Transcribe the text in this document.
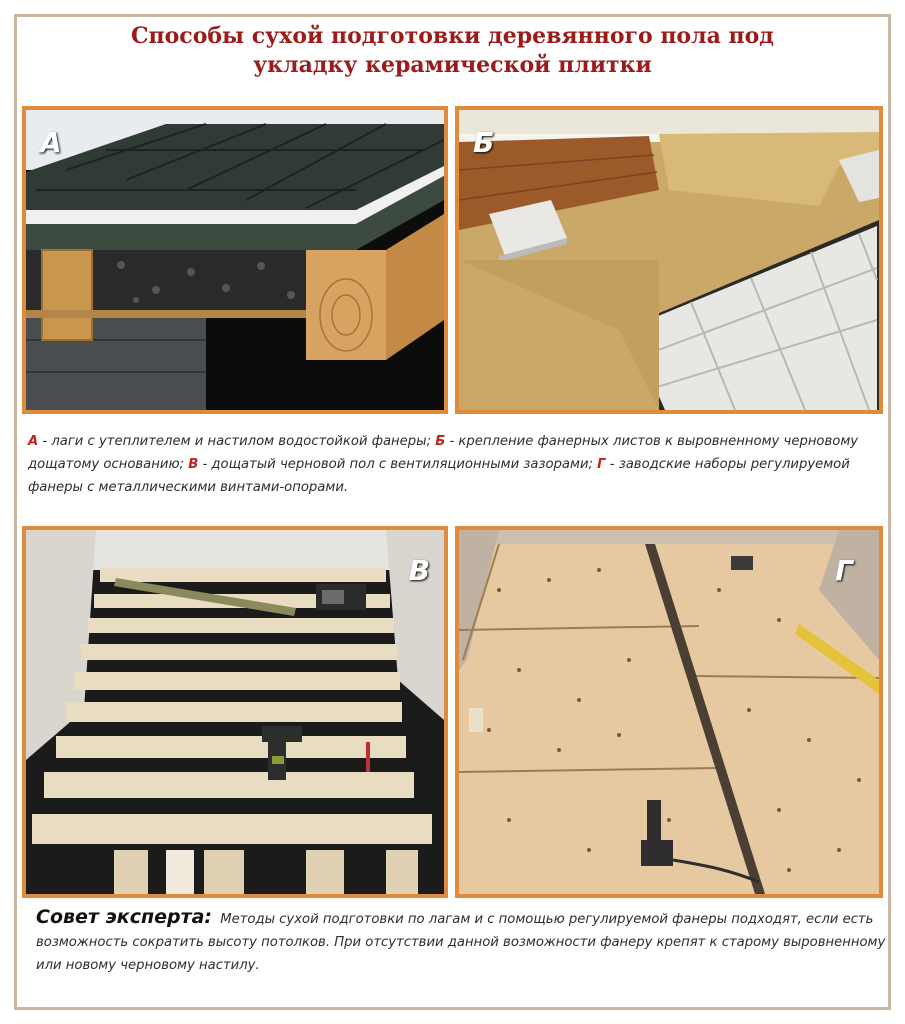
Способы сухой подготовки деревянного пола под
укладку керамической плитки
А	Б
А - лаги с утеплителем и настилом водостойкой фанеры; Б - крепление фанерных листов к выровненному черновому дощатому основанию; В - дощатый черновой пол с вентиляционными зазорами; Г - заводские наборы регулируемой фанеры с металлическими винтами-опорами.
В	Г
Совет эксперта: Методы сухой подготовки по лагам и с помощью регулируемой фанеры подходят, если есть возможность сократить высоту потолков. При отсутствии данной возможности фанеру крепят к старому выровненному или новому черновому настилу.
